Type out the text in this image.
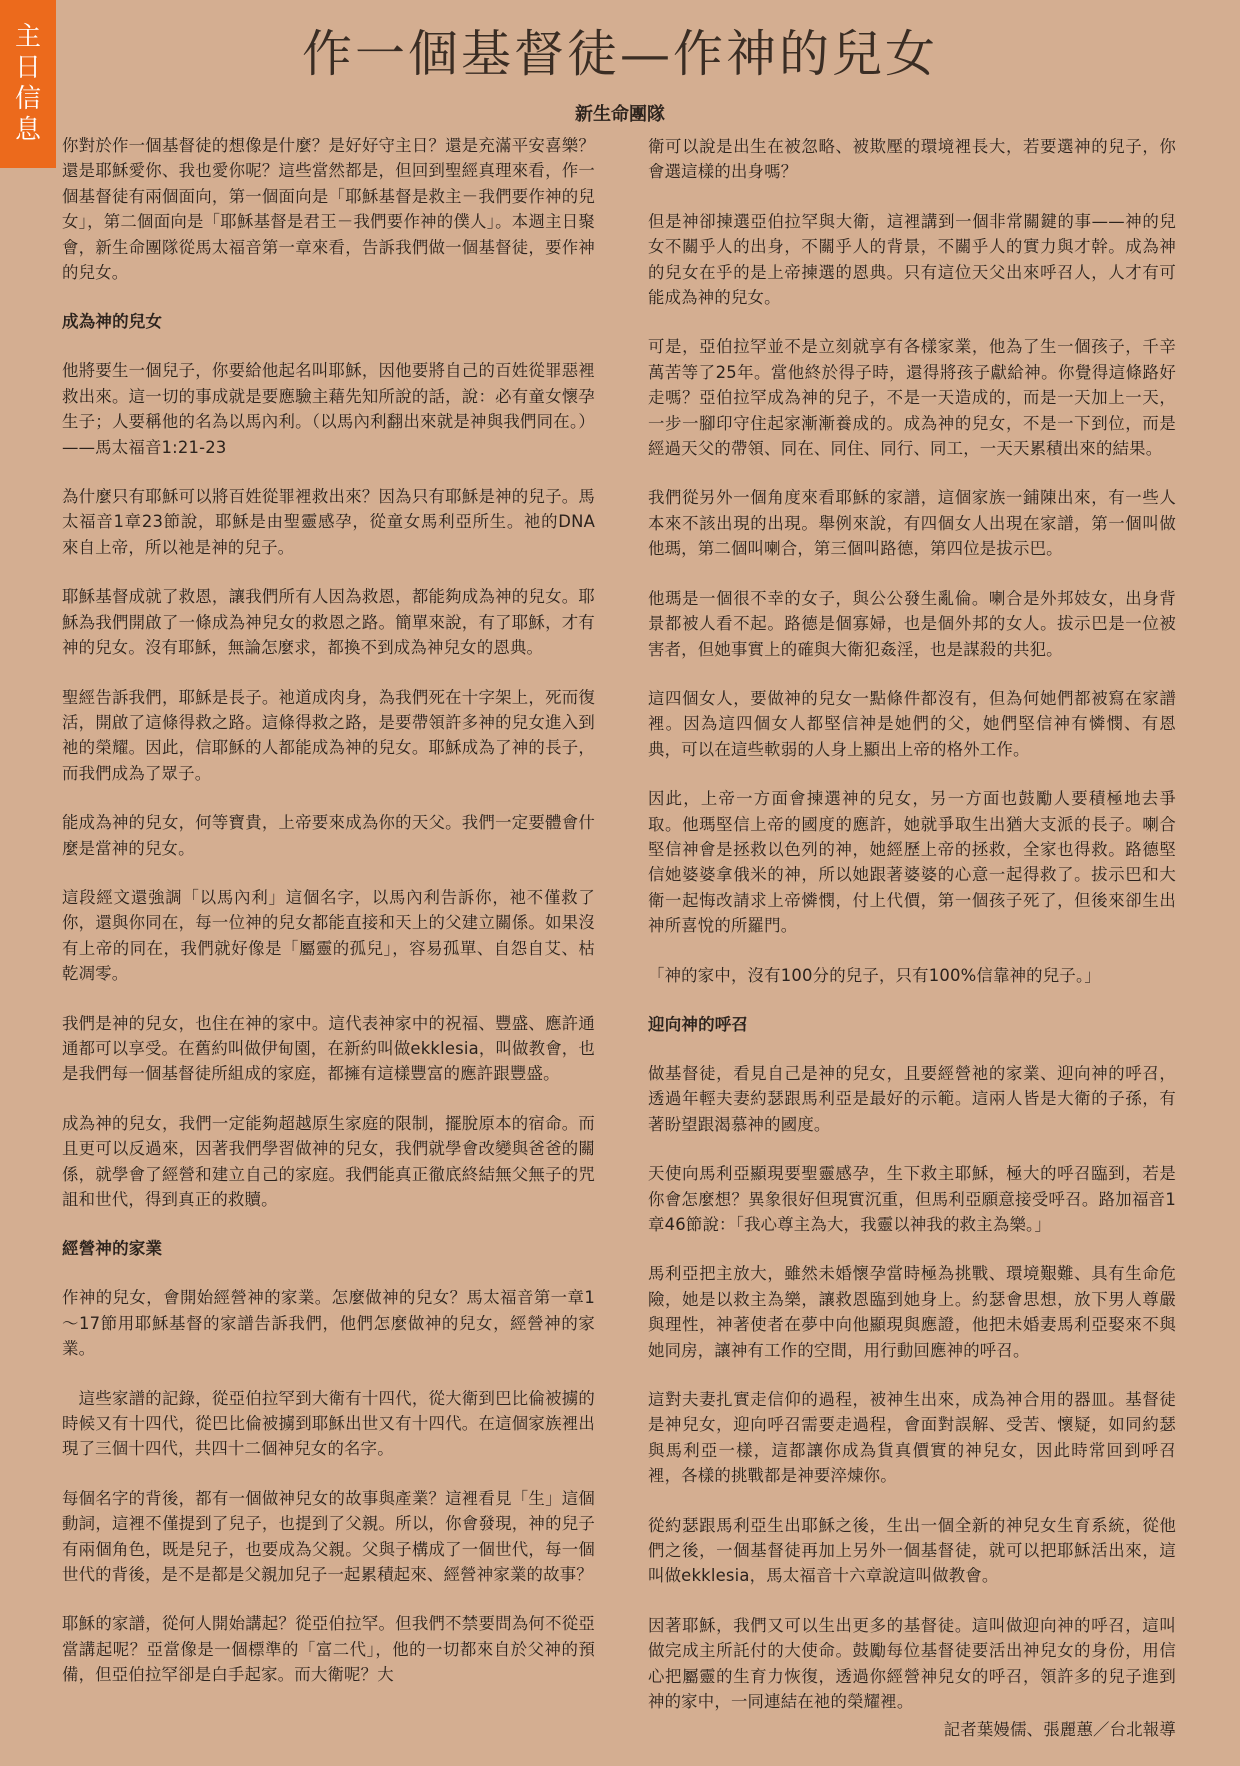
主
日
信
息
作一個基督徒—作神的兒女
新生命團隊

你對於作一個基督徒的想像是什麼？是好好守主日？還是充滿平安喜樂？還是耶穌愛你、我也愛你呢？這些當然都是，但回到聖經真理來看，作一個基督徒有兩個面向，第一個面向是「耶穌基督是救主－我們要作神的兒女」，第二個面向是「耶穌基督是君王－我們要作神的僕人」。本週主日聚會，新生命團隊從馬太福音第一章來看，告訴我們做一個基督徒，要作神的兒女。

成為神的兒女

他將要生一個兒子，你要給他起名叫耶穌，因他要將自己的百姓從罪惡裡救出來。這一切的事成就是要應驗主藉先知所說的話，說：必有童女懷孕生子；人要稱他的名為以馬內利。（以馬內利翻出來就是神與我們同在。）——馬太福音1:21-23

為什麼只有耶穌可以將百姓從罪裡救出來？因為只有耶穌是神的兒子。馬太福音1章23節說，耶穌是由聖靈感孕，從童女馬利亞所生。祂的DNA來自上帝，所以祂是神的兒子。

耶穌基督成就了救恩，讓我們所有人因為救恩，都能夠成為神的兒女。耶穌為我們開啟了一條成為神兒女的救恩之路。簡單來說，有了耶穌，才有神的兒女。沒有耶穌，無論怎麼求，都換不到成為神兒女的恩典。

聖經告訴我們，耶穌是長子。祂道成肉身，為我們死在十字架上，死而復活，開啟了這條得救之路。這條得救之路，是要帶領許多神的兒女進入到祂的榮耀。因此，信耶穌的人都能成為神的兒女。耶穌成為了神的長子，而我們成為了眾子。

能成為神的兒女，何等寶貴，上帝要來成為你的天父。我們一定要體會什麼是當神的兒女。

這段經文還強調「以馬內利」這個名字，以馬內利告訴你，祂不僅救了你，還與你同在，每一位神的兒女都能直接和天上的父建立關係。如果沒有上帝的同在，我們就好像是「屬靈的孤兒」，容易孤單、自怨自艾、枯乾凋零。

我們是神的兒女，也住在神的家中。這代表神家中的祝福、豐盛、應許通通都可以享受。在舊約叫做伊甸園，在新約叫做ekklesia，叫做教會，也是我們每一個基督徒所組成的家庭，都擁有這樣豐富的應許跟豐盛。

成為神的兒女，我們一定能夠超越原生家庭的限制，擺脫原本的宿命。而且更可以反過來，因著我們學習做神的兒女，我們就學會改變與爸爸的關係，就學會了經營和建立自己的家庭。我們能真正徹底終結無父無子的咒詛和世代，得到真正的救贖。

經營神的家業

作神的兒女，會開始經營神的家業。怎麼做神的兒女？馬太福音第一章1～17節用耶穌基督的家譜告訴我們，他們怎麼做神的兒女，經營神的家業。

　這些家譜的記錄，從亞伯拉罕到大衛有十四代，從大衛到巴比倫被擄的時候又有十四代，從巴比倫被擄到耶穌出世又有十四代。在這個家族裡出現了三個十四代，共四十二個神兒女的名字。

每個名字的背後，都有一個做神兒女的故事與產業？這裡看見「生」這個動詞，這裡不僅提到了兒子，也提到了父親。所以，你會發現，神的兒子有兩個角色，既是兒子，也要成為父親。父與子構成了一個世代，每一個世代的背後，是不是都是父親加兒子一起累積起來、經營神家業的故事？

耶穌的家譜，從何人開始講起？從亞伯拉罕。但我們不禁要問為何不從亞當講起呢？亞當像是一個標準的「富二代」，他的一切都來自於父神的預備，但亞伯拉罕卻是白手起家。而大衛呢？大

衛可以說是出生在被忽略、被欺壓的環境裡長大，若要選神的兒子，你會選這樣的出身嗎？

但是神卻揀選亞伯拉罕與大衛，這裡講到一個非常關鍵的事——神的兒女不關乎人的出身，不關乎人的背景，不關乎人的實力與才幹。成為神的兒女在乎的是上帝揀選的恩典。只有這位天父出來呼召人，人才有可能成為神的兒女。

可是，亞伯拉罕並不是立刻就享有各樣家業，他為了生一個孩子，千辛萬苦等了25年。當他終於得子時，還得將孩子獻給神。你覺得這條路好走嗎？亞伯拉罕成為神的兒子，不是一天造成的，而是一天加上一天，一步一腳印守住起家漸漸養成的。成為神的兒女，不是一下到位，而是經過天父的帶領、同在、同住、同行、同工，一天天累積出來的結果。

我們從另外一個角度來看耶穌的家譜，這個家族一鋪陳出來，有一些人本來不該出現的出現。舉例來說，有四個女人出現在家譜，第一個叫做他瑪，第二個叫喇合，第三個叫路德，第四位是拔示巴。

他瑪是一個很不幸的女子，與公公發生亂倫。喇合是外邦妓女，出身背景都被人看不起。路德是個寡婦，也是個外邦的女人。拔示巴是一位被害者，但她事實上的確與大衛犯姦淫，也是謀殺的共犯。

這四個女人，要做神的兒女一點條件都沒有，但為何她們都被寫在家譜裡。因為這四個女人都堅信神是她們的父，她們堅信神有憐憫、有恩典，可以在這些軟弱的人身上顯出上帝的格外工作。

因此，上帝一方面會揀選神的兒女，另一方面也鼓勵人要積極地去爭取。他瑪堅信上帝的國度的應許，她就爭取生出猶大支派的長子。喇合堅信神會是拯救以色列的神，她經歷上帝的拯救，全家也得救。路德堅信她婆婆拿俄米的神，所以她跟著婆婆的心意一起得救了。拔示巴和大衛一起悔改請求上帝憐憫，付上代價，第一個孩子死了，但後來卻生出神所喜悅的所羅門。

「神的家中，沒有100分的兒子，只有100%信靠神的兒子。」

迎向神的呼召

做基督徒，看見自己是神的兒女，且要經營祂的家業、迎向神的呼召，透過年輕夫妻約瑟跟馬利亞是最好的示範。這兩人皆是大衛的子孫，有著盼望跟渴慕神的國度。

天使向馬利亞顯現要聖靈感孕，生下救主耶穌，極大的呼召臨到，若是你會怎麼想？異象很好但現實沉重，但馬利亞願意接受呼召。路加福音1章46節說：「我心尊主為大，我靈以神我的救主為樂。」

馬利亞把主放大，雖然未婚懷孕當時極為挑戰、環境艱難、具有生命危險，她是以救主為樂，讓救恩臨到她身上。約瑟會思想，放下男人尊嚴與理性，神著使者在夢中向他顯現與應證，他把未婚妻馬利亞娶來不與她同房，讓神有工作的空間，用行動回應神的呼召。

這對夫妻扎實走信仰的過程，被神生出來，成為神合用的器皿。基督徒是神兒女，迎向呼召需要走過程，會面對誤解、受苦、懷疑，如同約瑟與馬利亞一樣，這都讓你成為貨真價實的神兒女，因此時常回到呼召裡，各樣的挑戰都是神要淬煉你。

從約瑟跟馬利亞生出耶穌之後，生出一個全新的神兒女生育系統，從他們之後，一個基督徒再加上另外一個基督徒，就可以把耶穌活出來，這叫做ekklesia，馬太福音十六章說這叫做教會。

因著耶穌，我們又可以生出更多的基督徒。這叫做迎向神的呼召，這叫做完成主所託付的大使命。鼓勵每位基督徒要活出神兒女的身份，用信心把屬靈的生育力恢復，透過你經營神兒女的呼召，領許多的兒子進到神的家中，一同連結在祂的榮耀裡。

記者葉嫚儒、張麗蕙／台北報導
